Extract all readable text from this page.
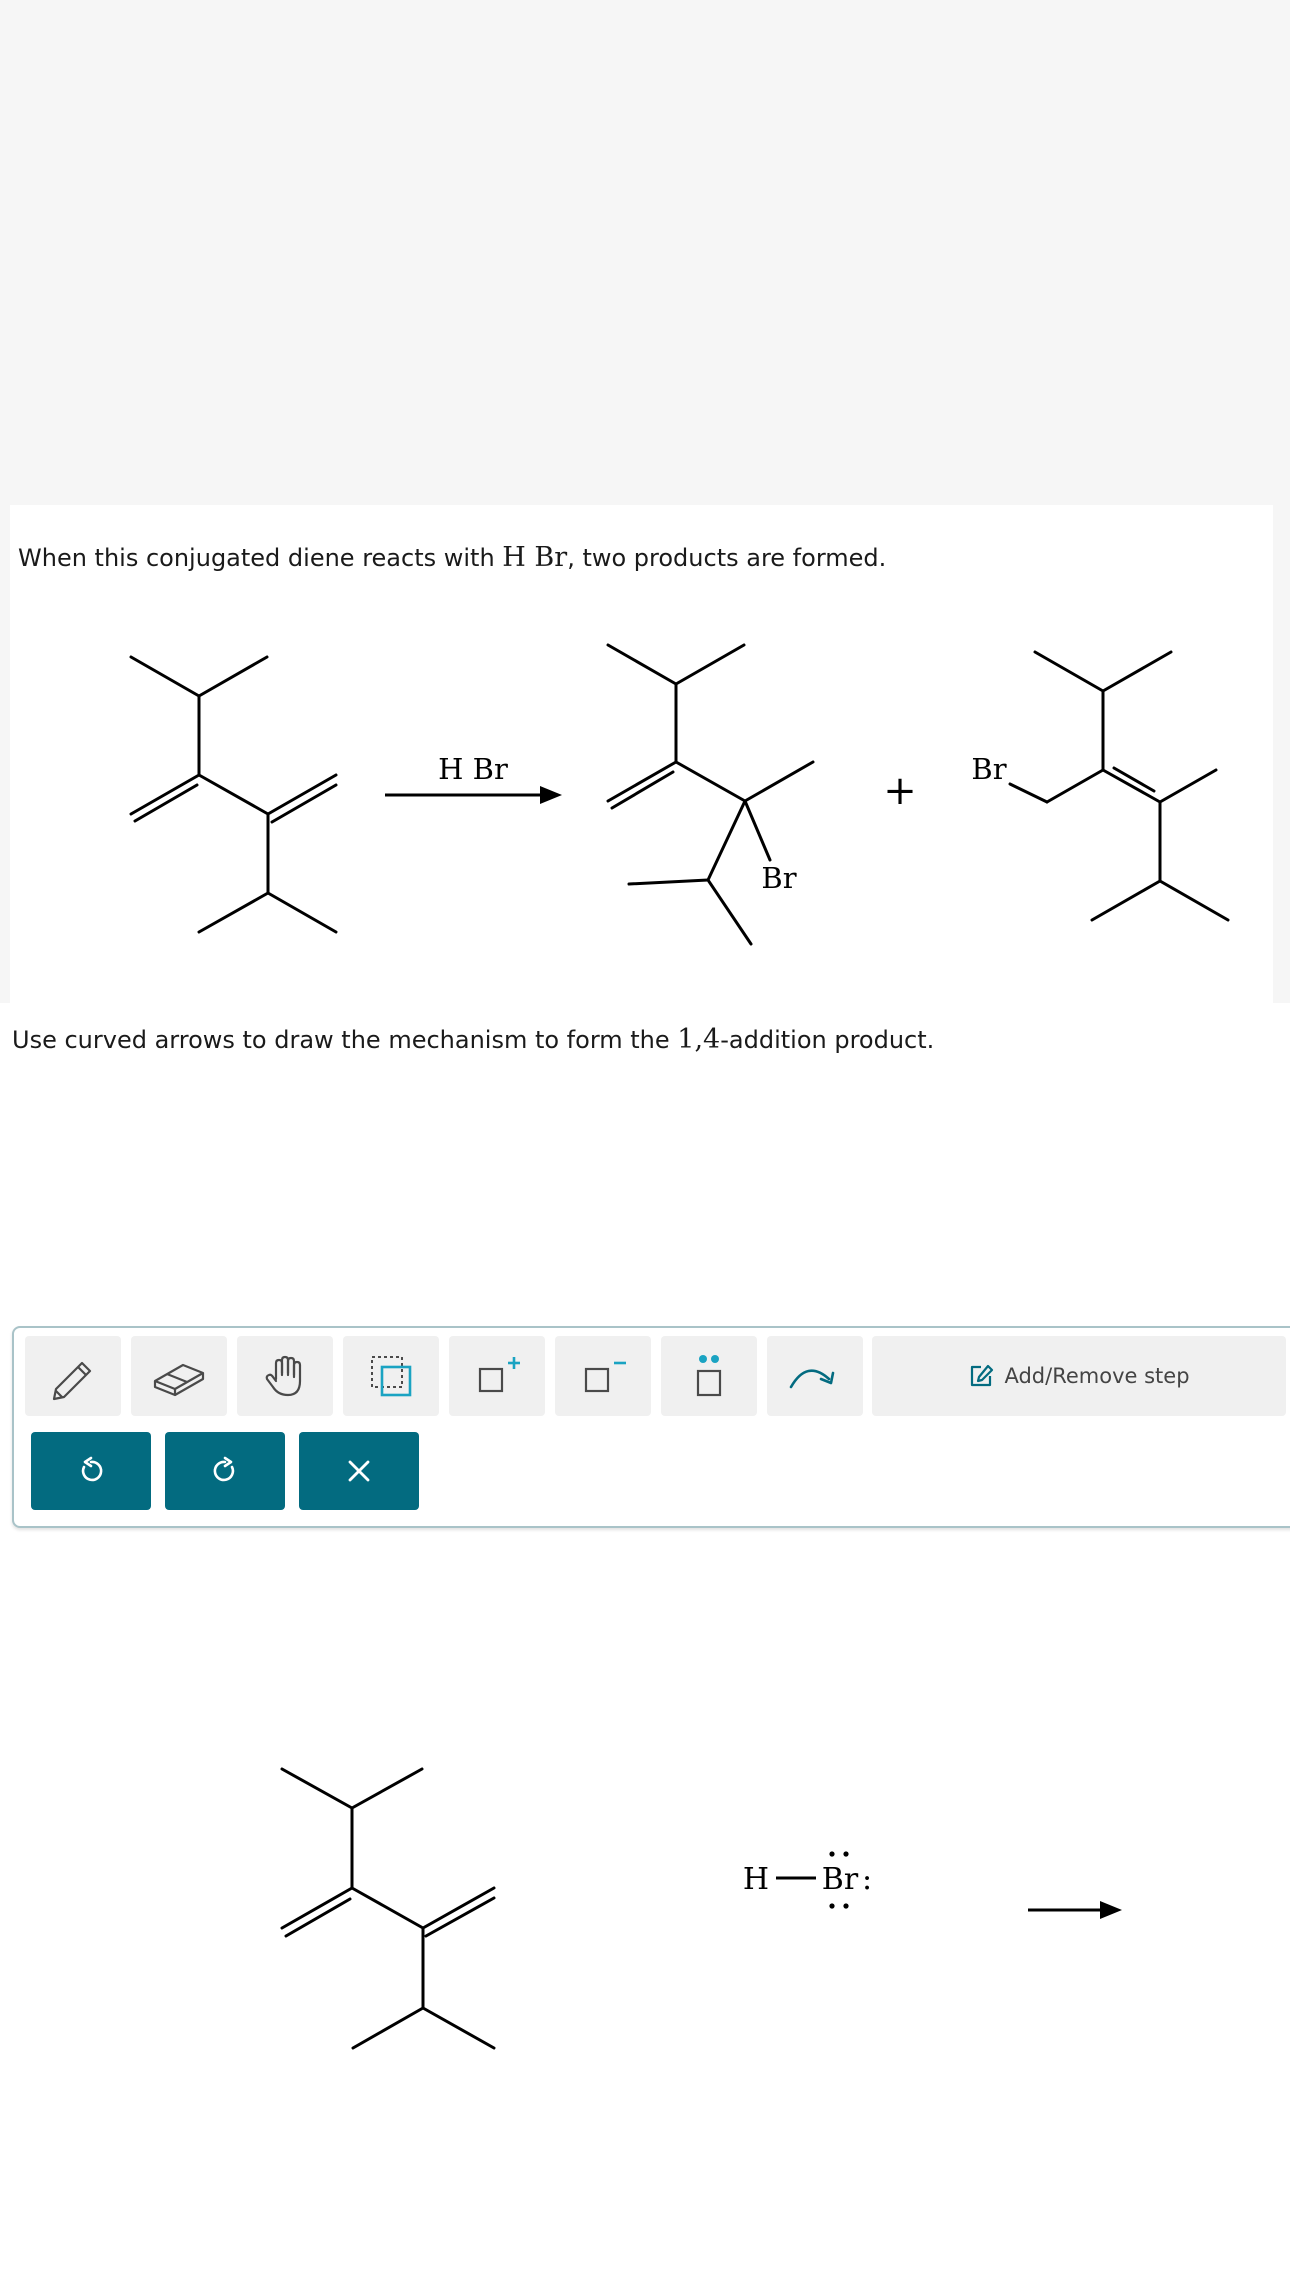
When this conjugated diene reacts with H Br, two products are formed.
H Br
Br
+ Br
Use curved arrows to draw the mechanism to form the 1,4-addition product.
Add/Remove step
H
—
Br :
